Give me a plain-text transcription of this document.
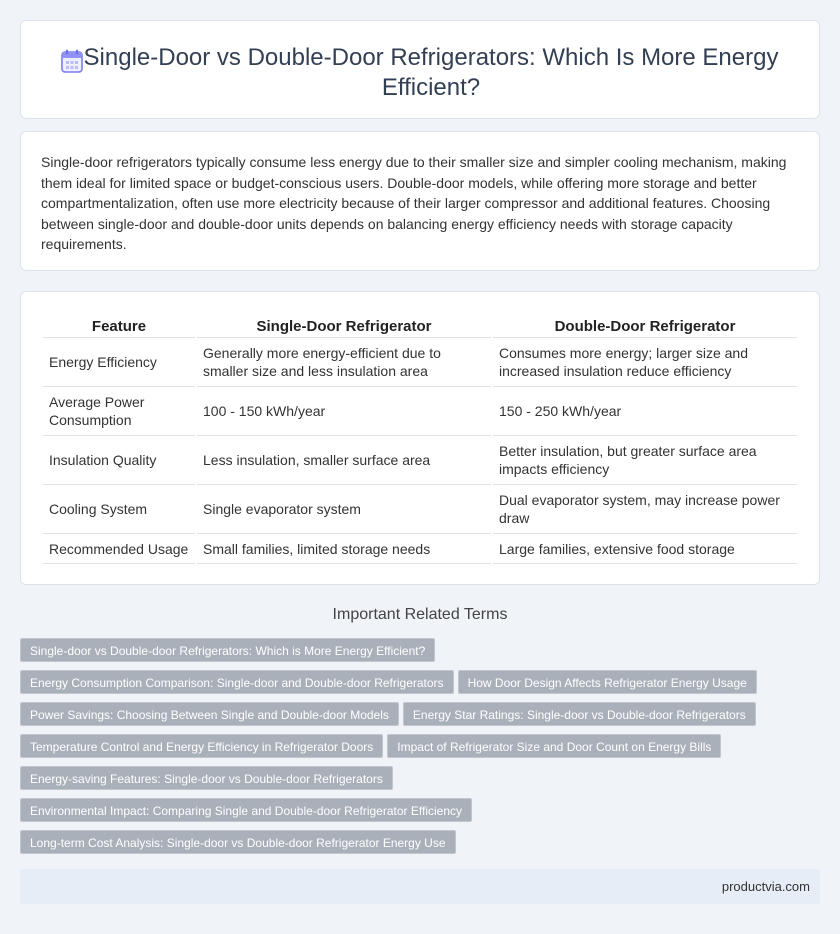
Single-Door vs Double-Door Refrigerators: Which Is More Energy Efficient?

Single-door refrigerators typically consume less energy due to their smaller size and simpler cooling mechanism, making them ideal for limited space or budget-conscious users. Double-door models, while offering more storage and better compartmentalization, often use more electricity because of their larger compressor and additional features. Choosing between single-door and double-door units depends on balancing energy efficiency needs with storage capacity requirements.

Feature	Single-Door Refrigerator	Double-Door Refrigerator
Energy Efficiency	Generally more energy-efficient due to smaller size and less insulation area	Consumes more energy; larger size and increased insulation reduce efficiency
Average Power Consumption	100 - 150 kWh/year	150 - 250 kWh/year
Insulation Quality	Less insulation, smaller surface area	Better insulation, but greater surface area impacts efficiency
Cooling System	Single evaporator system	Dual evaporator system, may increase power draw
Recommended Usage	Small families, limited storage needs	Large families, extensive food storage
Important Related Terms
Single-door vs Double-door Refrigerators: Which is More Energy Efficient?
Energy Consumption Comparison: Single-door and Double-door Refrigerators How Door Design Affects Refrigerator Energy Usage
Power Savings: Choosing Between Single and Double-door Models Energy Star Ratings: Single-door vs Double-door Refrigerators
Temperature Control and Energy Efficiency in Refrigerator Doors Impact of Refrigerator Size and Door Count on Energy Bills
Energy-saving Features: Single-door vs Double-door Refrigerators
Environmental Impact: Comparing Single and Double-door Refrigerator Efficiency
Long-term Cost Analysis: Single-door vs Double-door Refrigerator Energy Use
productvia.com
